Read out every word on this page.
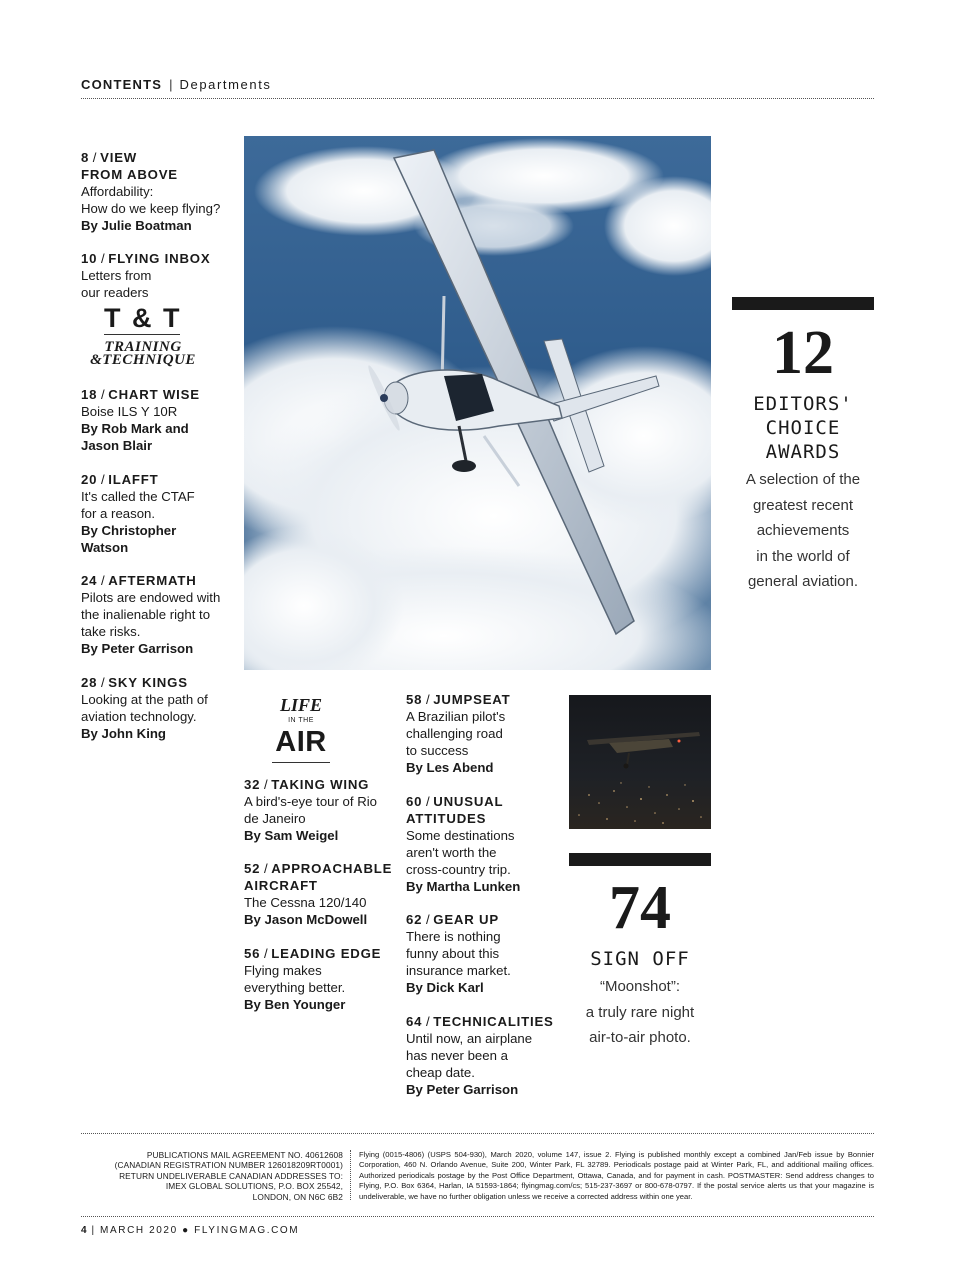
CONTENTS | Departments
8 / VIEW
FROM ABOVE
Affordability:
How do we keep flying?
By Julie Boatman
10 / FLYING INBOX
Letters from
our readers
18 / CHART WISE
Boise ILS Y 10R
By Rob Mark and
Jason Blair
20 / ILAFFT
It's called the CTAF
for a reason.
By Christopher
Watson
24 / AFTERMATH
Pilots are endowed with
the inalienable right to
take risks.
By Peter Garrison
28 / SKY KINGS
Looking at the path of
aviation technology.
By John King
T & T
TRAINING
&TECHNIQUE
LIFE
IN THE
AIR
32 / TAKING WING
A bird's-eye tour of Rio
de Janeiro
By Sam Weigel
52 / APPROACHABLE
AIRCRAFT
The Cessna 120/140
By Jason McDowell
56 / LEADING EDGE
Flying makes
everything better.
By Ben Younger
58 / JUMPSEAT
A Brazilian pilot's
challenging road
to success
By Les Abend
60 / UNUSUAL
ATTITUDES
Some destinations
aren't worth the
cross-country trip.
By Martha Lunken
62 / GEAR UP
There is nothing
funny about this
insurance market.
By Dick Karl
64 / TECHNICALITIES
Until now, an airplane
has never been a
cheap date.
By Peter Garrison
12
EDITORS'
CHOICE
AWARDS
A selection of the
greatest recent
achievements
in the world of
general aviation.
74
SIGN OFF
“Moonshot”:
a truly rare night
air-to-air photo.
PUBLICATIONS MAIL AGREEMENT NO. 40612608
(CANADIAN REGISTRATION NUMBER 126018209RT0001)
RETURN UNDELIVERABLE CANADIAN ADDRESSES TO:
IMEX GLOBAL SOLUTIONS, P.O. BOX 25542,
LONDON, ON N6C 6B2
Flying (0015-4806) (USPS 504-930), March 2020, volume 147, issue 2. Flying is published monthly except a combined Jan/Feb issue by Bonnier Corporation, 460 N. Orlando Avenue, Suite 200, Winter Park, FL 32789. Periodicals postage paid at Winter Park, FL, and additional mailing offices. Authorized periodicals postage by the Post Office Department, Ottawa, Canada, and for payment in cash. POSTMASTER: Send address changes to Flying, P.O. Box 6364, Harlan, IA 51593-1864; flyingmag.com/cs; 515-237-3697 or 800-678-0797. If the postal service alerts us that your magazine is undeliverable, we have no further obligation unless we receive a corrected address within one year.
4 | MARCH 2020 ● FLYINGMAG.COM
